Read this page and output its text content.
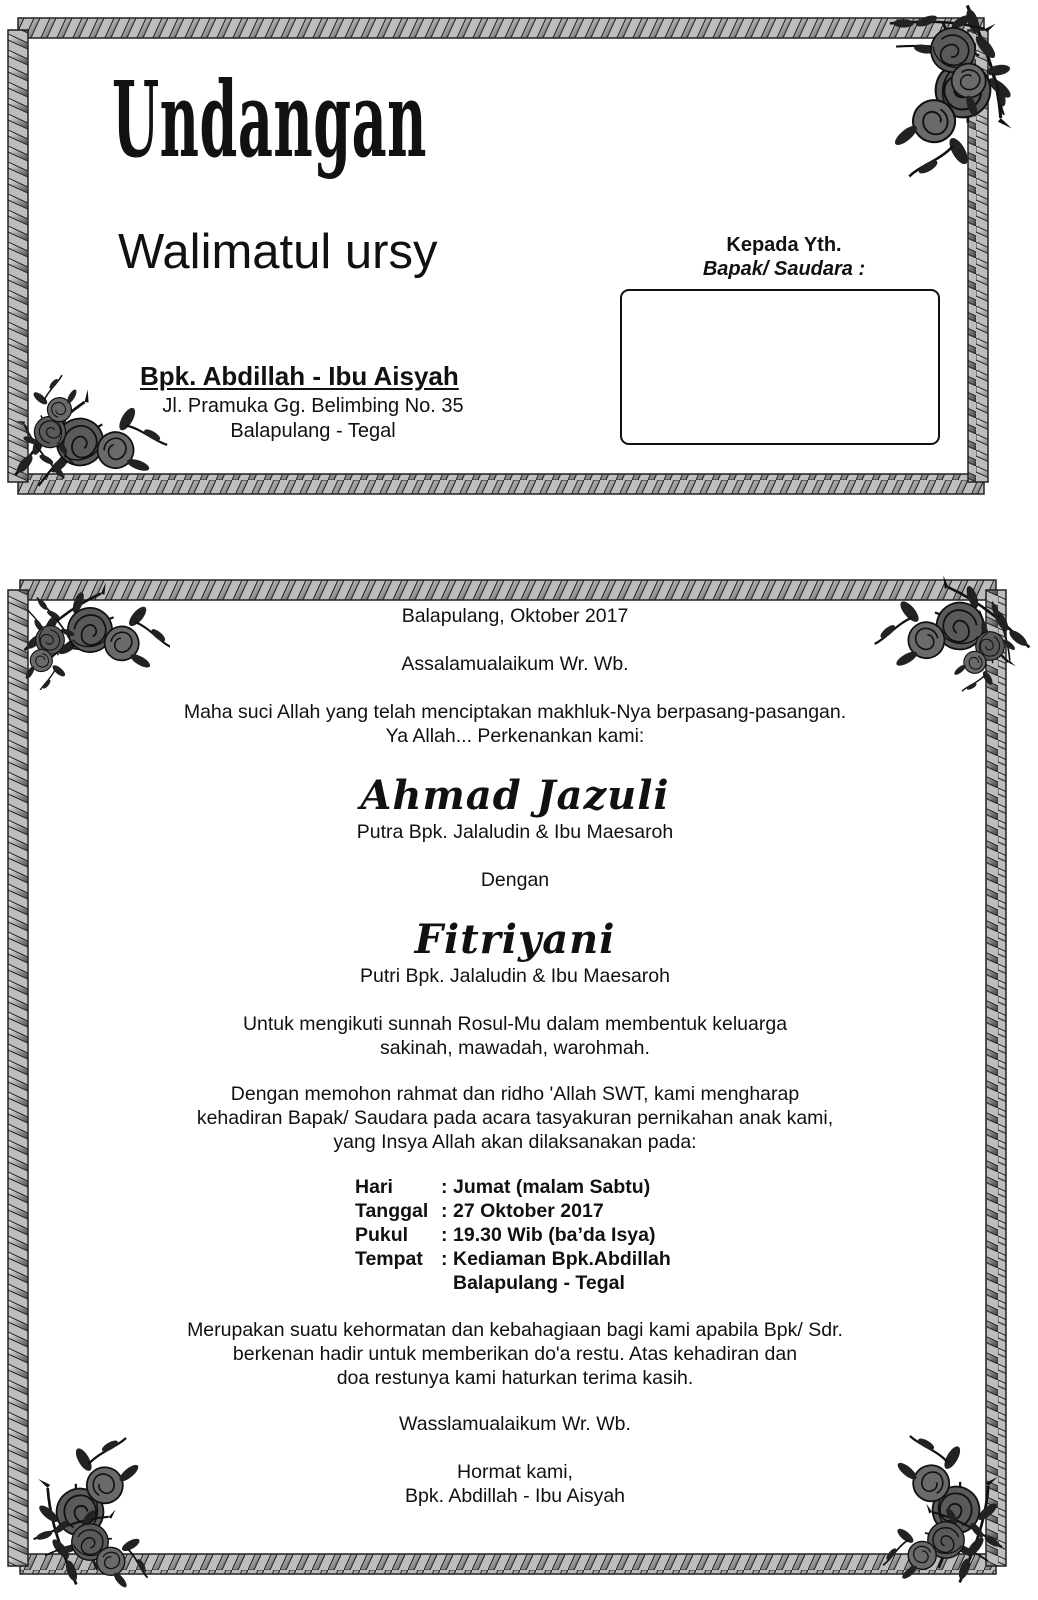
Undangan
Walimatul ursy
Bpk. Abdillah - Ibu Aisyah
Jl. Pramuka Gg. Belimbing No. 35
Balapulang - Tegal
Kepada Yth.
Bapak/ Saudara :
Balapulang, Oktober 2017
Assalamualaikum Wr. Wb.
Maha suci Allah yang telah menciptakan makhluk-Nya berpasang-pasangan.
Ya Allah... Perkenankan kami:
Ahmad Jazuli
Putra Bpk. Jalaludin & Ibu Maesaroh
Dengan
Fitriyani
Putri Bpk. Jalaludin & Ibu Maesaroh
Untuk mengikuti sunnah Rosul-Mu dalam membentuk keluarga
sakinah, mawadah, warohmah.
Dengan memohon rahmat dan ridho 'Allah SWT, kami mengharap
kehadiran Bapak/ Saudara pada acara tasyakuran pernikahan anak kami,
yang Insya Allah akan dilaksanakan pada:
Hari	: Jumat (malam Sabtu)
Tanggal : 27 Oktober 2017
Pukul	: 19.30 Wib (ba’da Isya)
Tempat : Kediaman Bpk.Abdillah
Balapulang - Tegal
Merupakan suatu kehormatan dan kebahagiaan bagi kami apabila Bpk/ Sdr.
berkenan hadir untuk memberikan do'a restu. Atas kehadiran dan
doa restunya kami haturkan terima kasih.
Wasslamualaikum Wr. Wb.
Hormat kami,
Bpk. Abdillah - Ibu Aisyah
